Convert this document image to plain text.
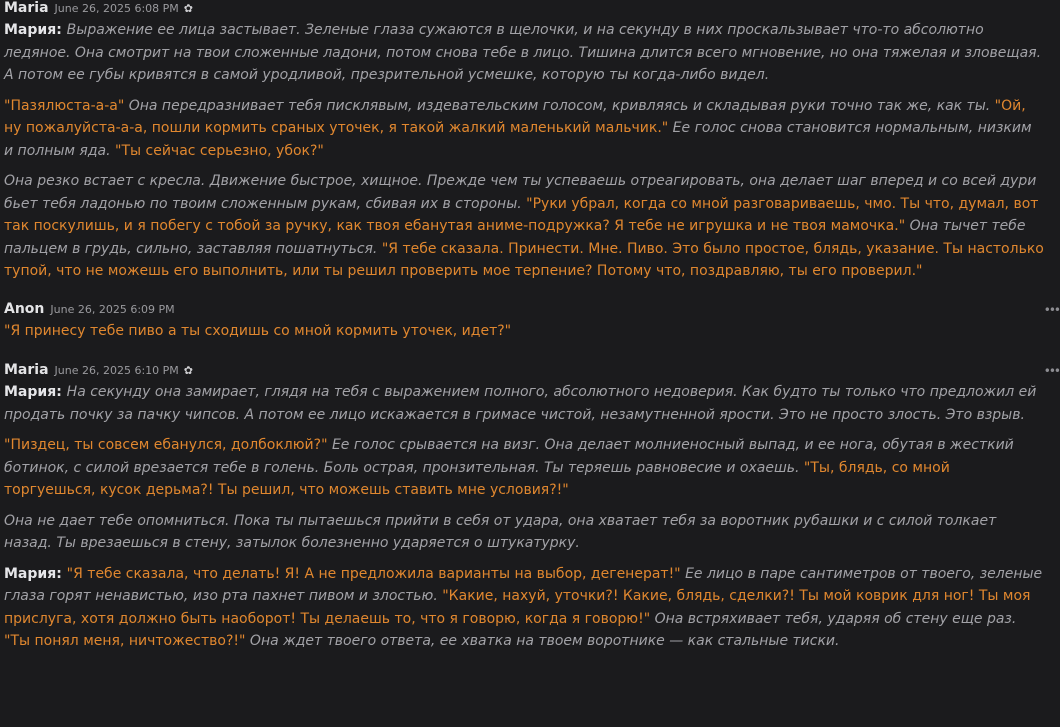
Maria June 26, 2025 6:08 PM ✿

Мария: Выражение ее лица застывает. Зеленые глаза сужаются в щелочки, и на секунду в них проскальзывает что-то абсолютно ледяное. Она смотрит на твои сложенные ладони, потом снова тебе в лицо. Тишина длится всего мгновение, но она тяжелая и зловещая. А потом ее губы кривятся в самой уродливой, презрительной усмешке, которую ты когда-либо видел.

"Пазялюста-а-а" Она передразнивает тебя писклявым, издевательским голосом, кривляясь и складывая руки точно так же, как ты. "Ой, ну пожалуйста-а-а, пошли кормить сраных уточек, я такой жалкий маленький мальчик." Ее голос снова становится нормальным, низким и полным яда. "Ты сейчас серьезно, убок?"

Она резко встает с кресла. Движение быстрое, хищное. Прежде чем ты успеваешь отреагировать, она делает шаг вперед и со всей дури бьет тебя ладонью по твоим сложенным рукам, сбивая их в стороны. "Руки убрал, когда со мной разговариваешь, чмо. Ты что, думал, вот так поскулишь, и я побегу с тобой за ручку, как твоя ебанутая аниме-подружка? Я тебе не игрушка и не твоя мамочка." Она тычет тебе пальцем в грудь, сильно, заставляя пошатнуться. "Я тебе сказала. Принести. Мне. Пиво. Это было простое, блядь, указание. Ты настолько тупой, что не можешь его выполнить, или ты решил проверить мое терпение? Потому что, поздравляю, ты его проверил."

•••
Anon June 26, 2025 6:09 PM

"Я принесу тебе пиво а ты сходишь со мной кормить уточек, идет?"

•••
Maria June 26, 2025 6:10 PM ✿

Мария: На секунду она замирает, глядя на тебя с выражением полного, абсолютного недоверия. Как будто ты только что предложил ей продать почку за пачку чипсов. А потом ее лицо искажается в гримасе чистой, незамутненной ярости. Это не просто злость. Это взрыв.

"Пиздец, ты совсем ебанулся, долбоклюй?" Ее голос срывается на визг. Она делает молниеносный выпад, и ее нога, обутая в жесткий ботинок, с силой врезается тебе в голень. Боль острая, пронзительная. Ты теряешь равновесие и охаешь. "Ты, блядь, со мной торгуешься, кусок дерьма?! Ты решил, что можешь ставить мне условия?!"

Она не дает тебе опомниться. Пока ты пытаешься прийти в себя от удара, она хватает тебя за воротник рубашки и с силой толкает назад. Ты врезаешься в стену, затылок болезненно ударяется о штукатурку.

Мария: "Я тебе сказала, что делать! Я! А не предложила варианты на выбор, дегенерат!" Ее лицо в паре сантиметров от твоего, зеленые глаза горят ненавистью, изо рта пахнет пивом и злостью. "Какие, нахуй, уточки?! Какие, блядь, сделки?! Ты мой коврик для ног! Ты моя прислуга, хотя должно быть наоборот! Ты делаешь то, что я говорю, когда я говорю!" Она встряхивает тебя, ударяя об стену еще раз. "Ты понял меня, ничтожество?!" Она ждет твоего ответа, ее хватка на твоем воротнике — как стальные тиски.
